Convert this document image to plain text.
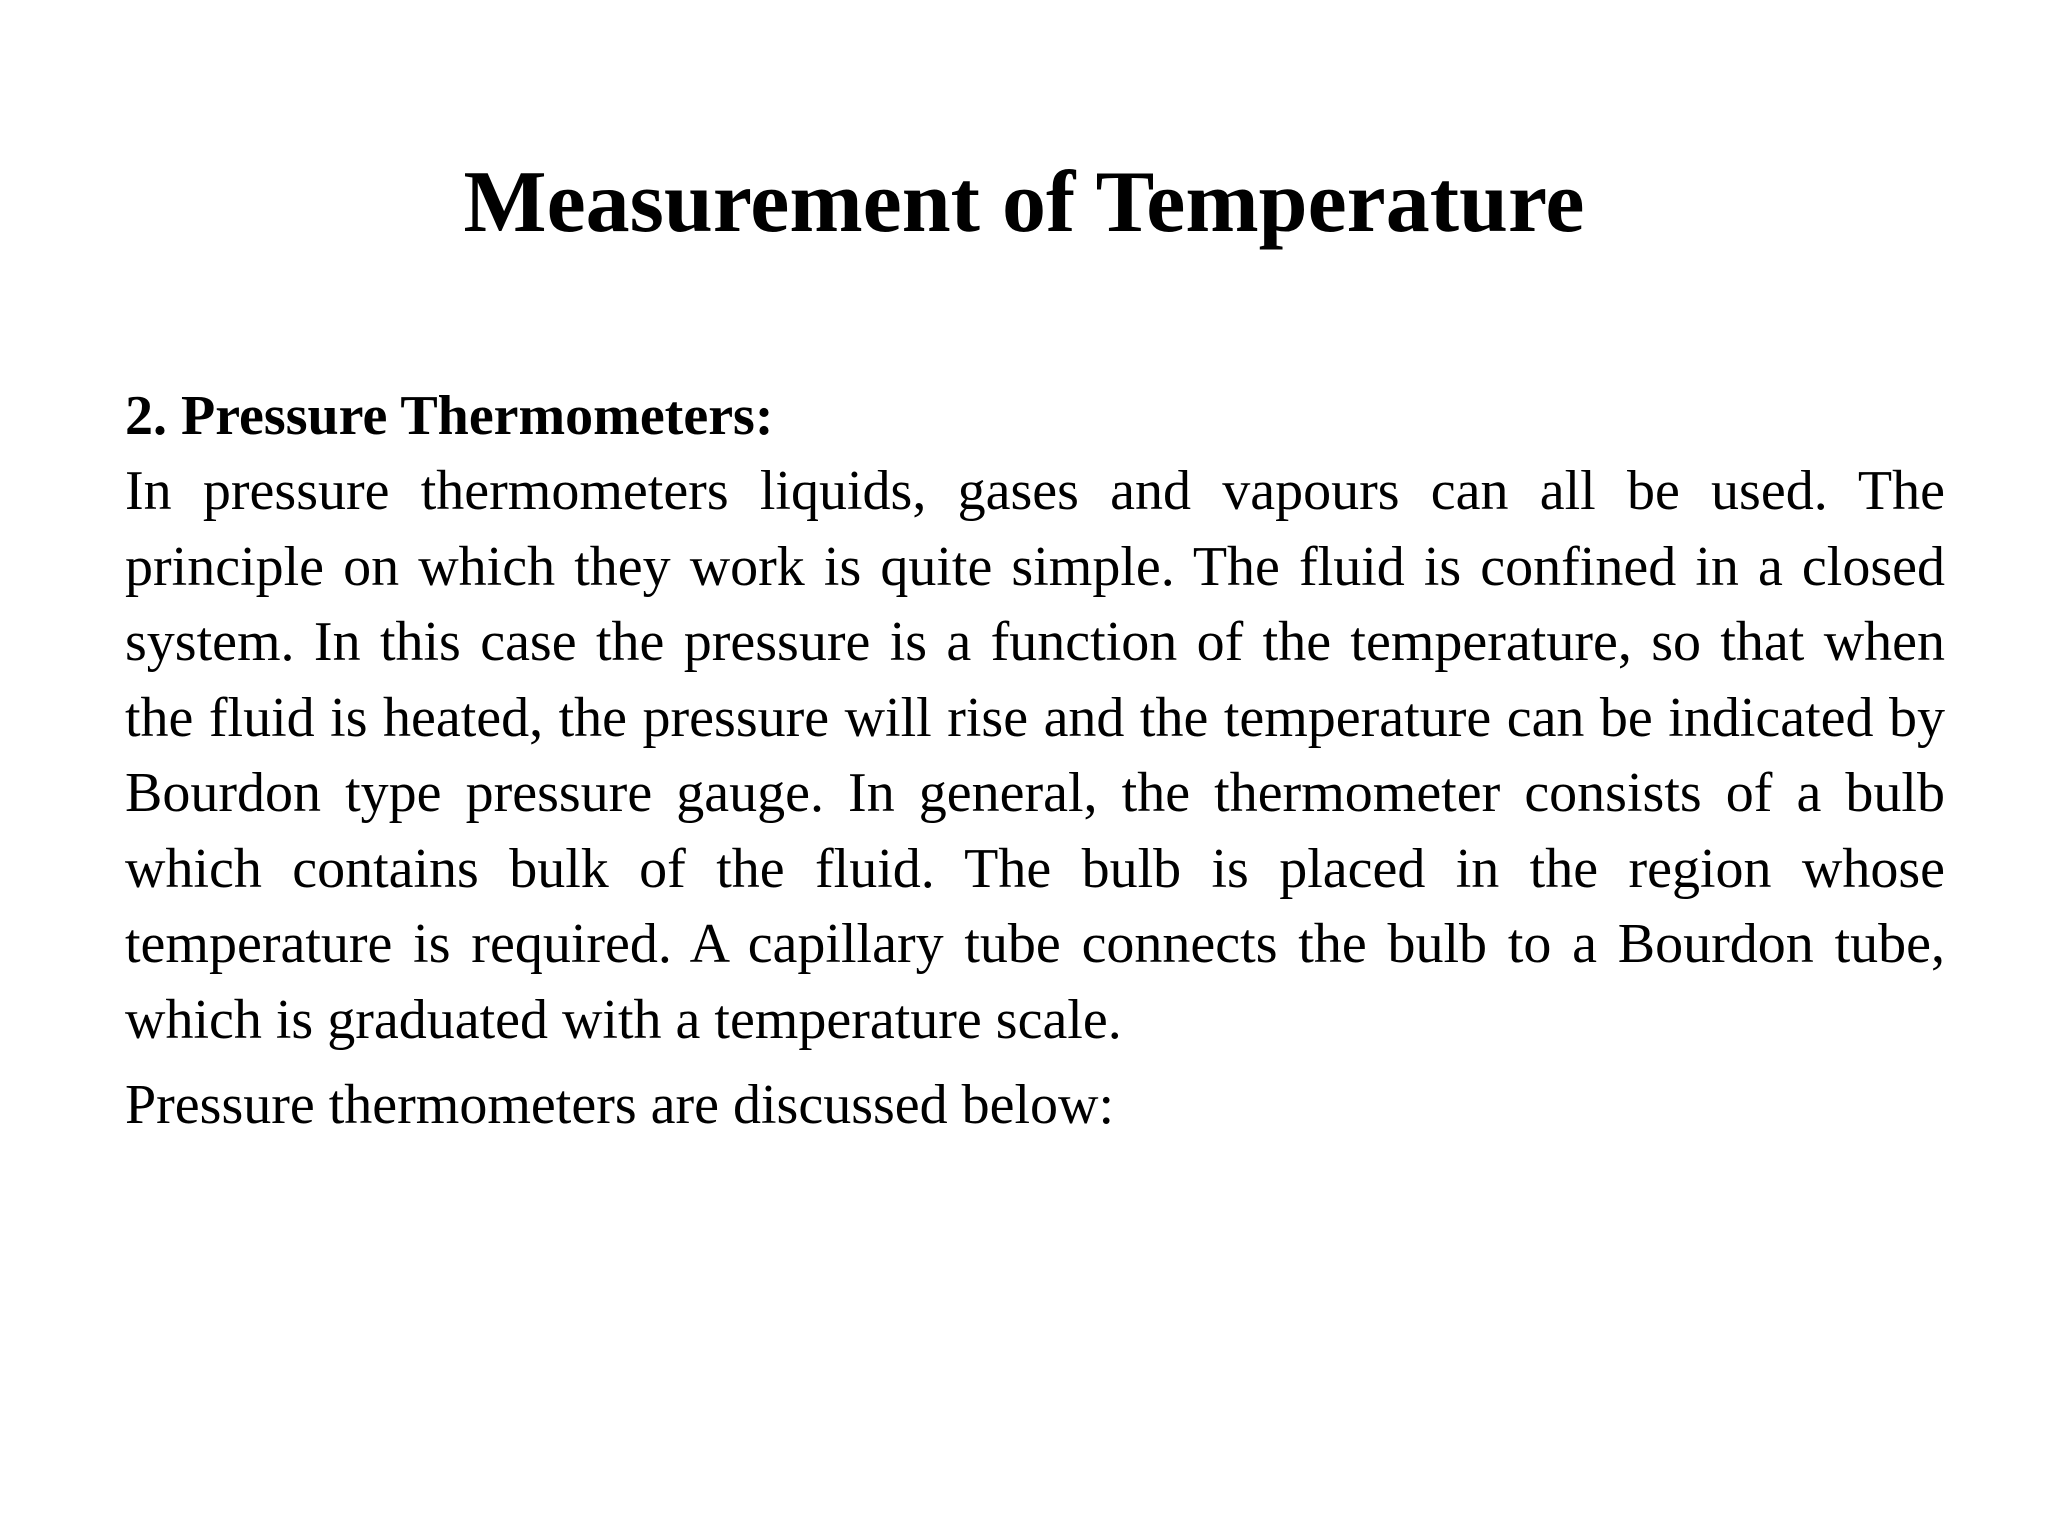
Measurement of Temperature

2. Pressure Thermometers:

In pressure thermometers liquids, gases and vapours can all be used. The principle on which they work is quite simple. The fluid is confined in a closed system. In this case the pressure is a function of the temperature, so that when the fluid is heated, the pressure will rise and the temperature can be indicated by Bourdon type pressure gauge. In general, the thermometer consists of a bulb which contains bulk of the fluid. The bulb is placed in the region whose temperature is required. A capillary tube connects the bulb to a Bourdon tube, which is graduated with a temperature scale.

Pressure thermometers are discussed below:
